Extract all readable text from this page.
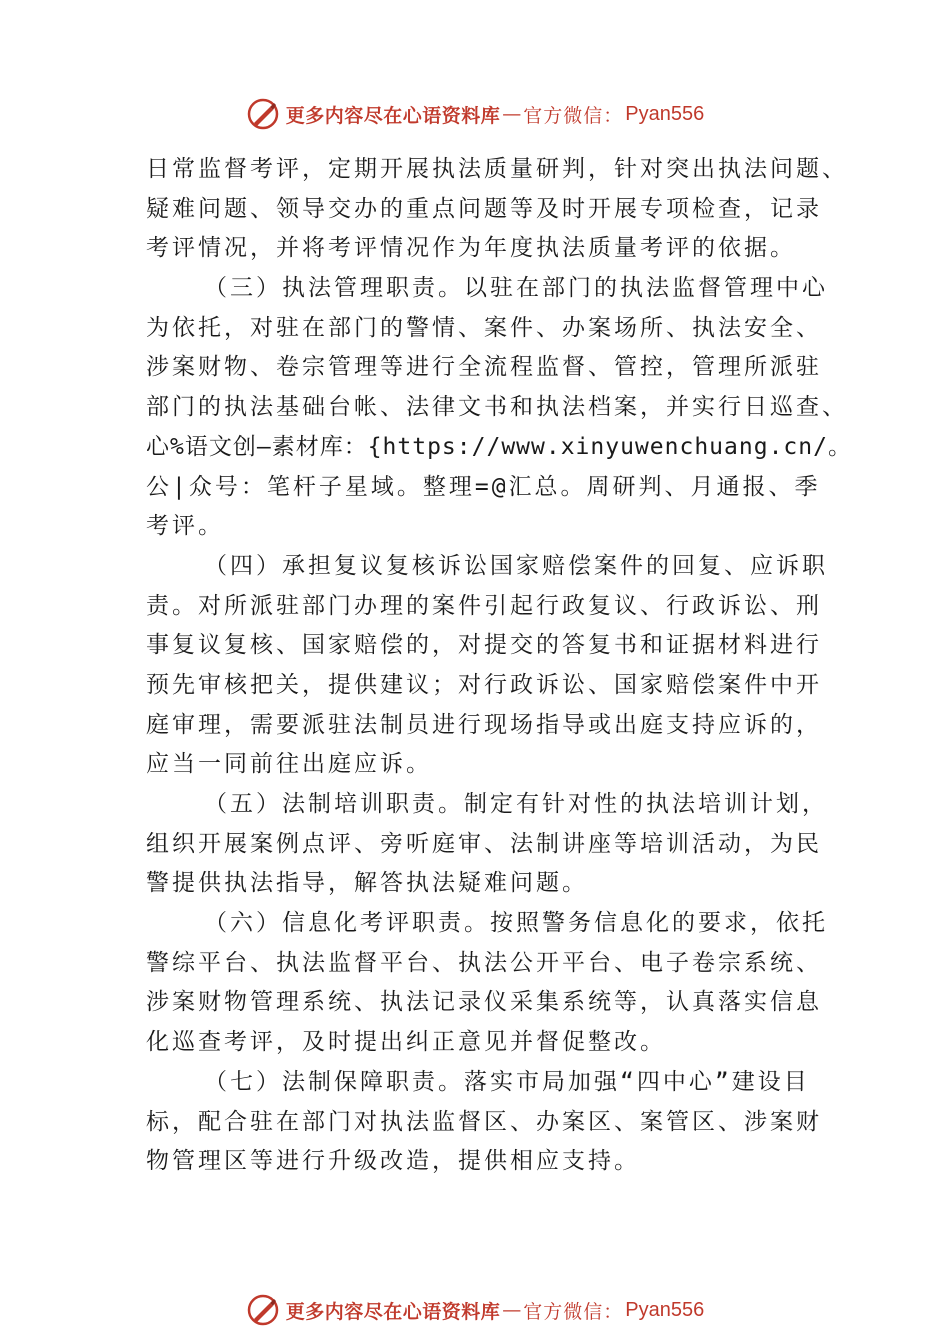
更多内容尽在心语资料库 — 官方微信： Pyan556
日常监督考评，定期开展执法质量研判，针对突出执法问题、
疑难问题、领导交办的重点问题等及时开展专项检查，记录
考评情况，并将考评情况作为年度执法质量考评的依据。
（三）执法管理职责。以驻在部门的执法监督管理中心
为依托，对驻在部门的警情、案件、办案场所、执法安全、
涉案财物、卷宗管理等进行全流程监督、管控，管理所派驻
部门的执法基础台帐、法律文书和执法档案，并实行日巡查、
心%语文创—素材库：{https://www.xinyuwenchuang.cn/。
公|众号：笔杆子星域。整理=@汇总。周研判、月通报、季
考评。
（四）承担复议复核诉讼国家赔偿案件的回复、应诉职
责。对所派驻部门办理的案件引起行政复议、行政诉讼、刑
事复议复核、国家赔偿的，对提交的答复书和证据材料进行
预先审核把关，提供建议；对行政诉讼、国家赔偿案件中开
庭审理，需要派驻法制员进行现场指导或出庭支持应诉的，
应当一同前往出庭应诉。
（五）法制培训职责。制定有针对性的执法培训计划，
组织开展案例点评、旁听庭审、法制讲座等培训活动，为民
警提供执法指导，解答执法疑难问题。
（六）信息化考评职责。按照警务信息化的要求，依托
警综平台、执法监督平台、执法公开平台、电子卷宗系统、
涉案财物管理系统、执法记录仪采集系统等，认真落实信息
化巡查考评，及时提出纠正意见并督促整改。
（七）法制保障职责。落实市局加强“四中心”建设目
标，配合驻在部门对执法监督区、办案区、案管区、涉案财
物管理区等进行升级改造，提供相应支持。
更多内容尽在心语资料库 — 官方微信： Pyan556
